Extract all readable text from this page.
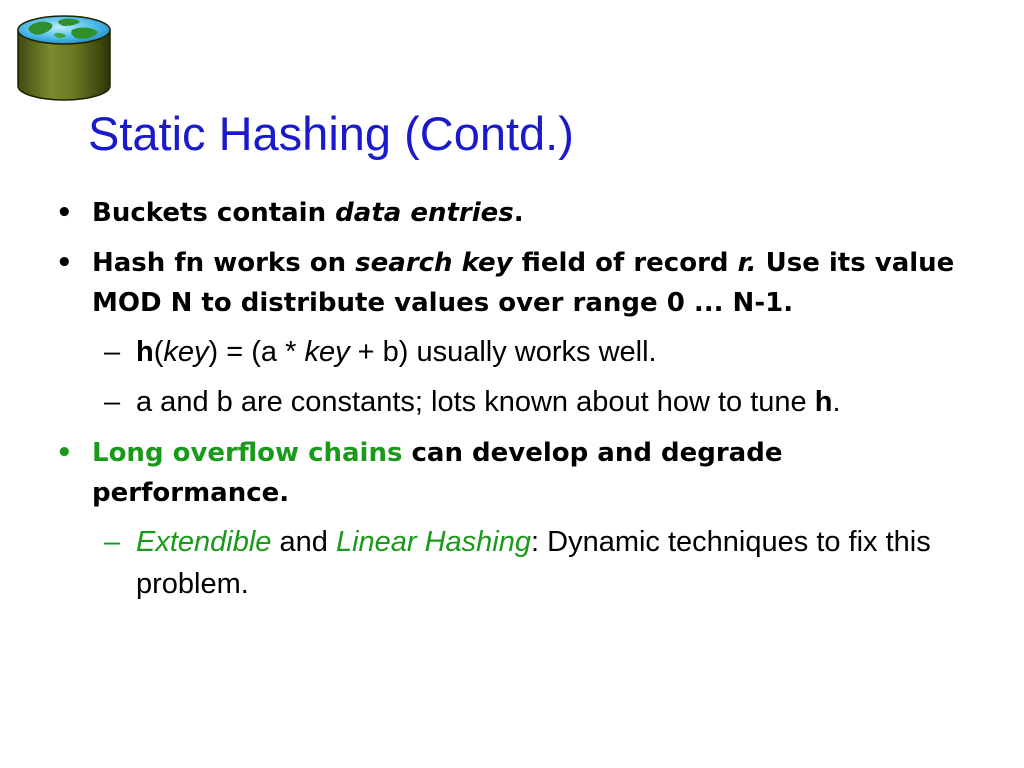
Static Hashing (Contd.)
• Buckets contain data entries.
• Hash fn works on search key field of record r. Use its value MOD N to distribute values over range 0 ... N-1.
– h(key) = (a * key + b) usually works well.
– a and b are constants; lots known about how to tune h.
• Long overflow chains can develop and degrade performance.
– Extendible and Linear Hashing: Dynamic techniques to fix this problem.
